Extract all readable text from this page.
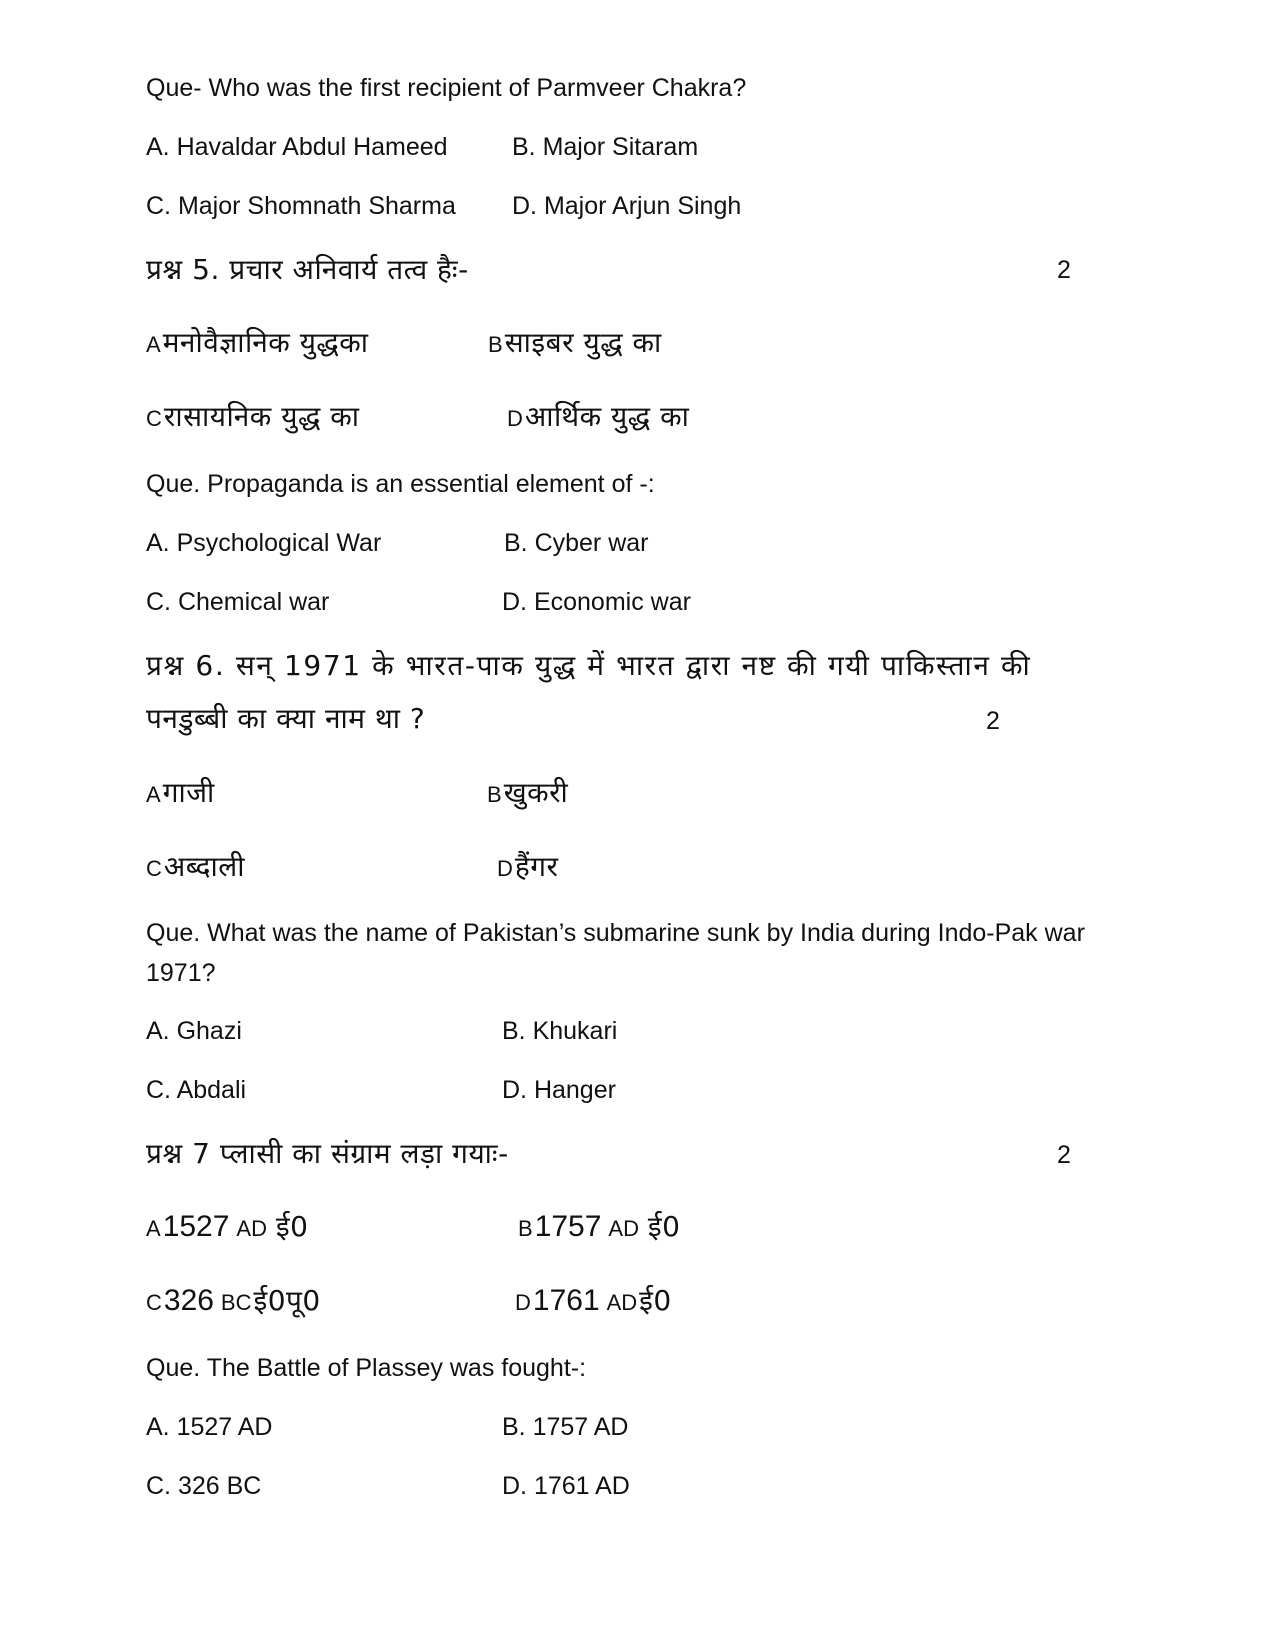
Que- Who was the first recipient of Parmveer Chakra?
A. Havaldar Abdul Hameed	B. Major Sitaram
C. Major Shomnath Sharma D. Major Arjun Singh
प्रश्न 5. प्रचार अनिवार्य तत्व हैः-	2
Aमनोवैज्ञानिक युद्धका	Bसाइबर युद्ध का
Cरासायनिक युद्ध का	Dआर्थिक युद्ध का
Que. Propaganda is an essential element of -:
A. Psychological War	B. Cyber war
C. Chemical war	D. Economic war
प्रश्न 6. सन् 1971 के भारत-पाक युद्ध में भारत द्वारा नष्ट की गयी पाकिस्तान की
पनडुब्बी का क्या नाम था ?	2
Aगाजी	Bखुकरी
Cअब्दाली	Dहैंगर
Que. What was the name of Pakistan’s submarine sunk by India during Indo-Pak war 1971?
A. Ghazi	B. Khukari
C. Abdali	D. Hanger
प्रश्न 7 प्लासी का संग्राम लड़ा गयाः-	2
A1527 AD ई0	B1757 AD ई0
C326 BCई0पू0	D1761 ADई0
Que. The Battle of Plassey was fought-:
A. 1527 AD	B. 1757 AD
C. 326 BC	D. 1761 AD
